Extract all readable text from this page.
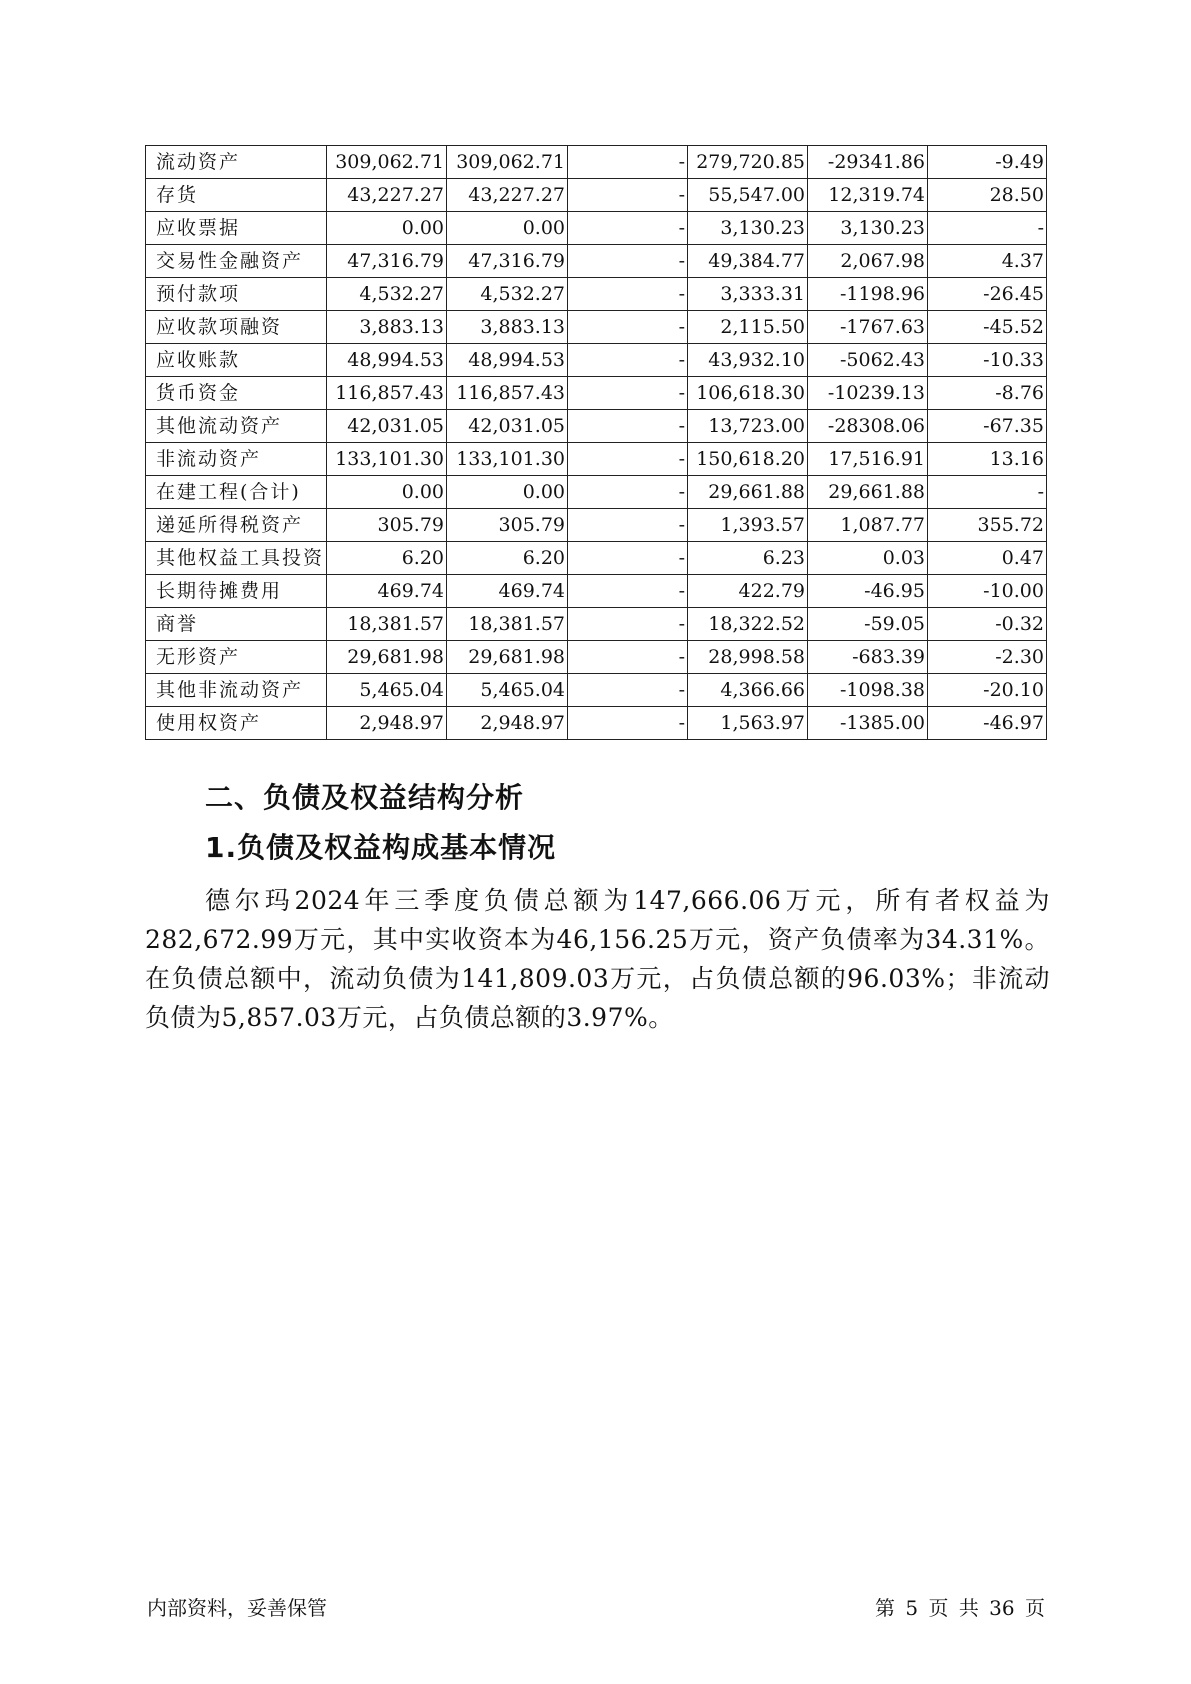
流动资产	309,062.71	309,062.71	-	279,720.85	-29341.86	-9.49
存货	43,227.27	43,227.27	-	55,547.00	12,319.74	28.50
应收票据	0.00	0.00	-	3,130.23	3,130.23	-
交易性金融资产	47,316.79	47,316.79	-	49,384.77	2,067.98	4.37
预付款项	4,532.27	4,532.27	-	3,333.31	-1198.96	-26.45
应收款项融资	3,883.13	3,883.13	-	2,115.50	-1767.63	-45.52
应收账款	48,994.53	48,994.53	-	43,932.10	-5062.43	-10.33
货币资金	116,857.43	116,857.43	-	106,618.30	-10239.13	-8.76
其他流动资产	42,031.05	42,031.05	-	13,723.00	-28308.06	-67.35
非流动资产	133,101.30	133,101.30	-	150,618.20	17,516.91	13.16
在建工程(合计)	0.00	0.00	-	29,661.88	29,661.88	-
递延所得税资产	305.79	305.79	-	1,393.57	1,087.77	355.72
其他权益工具投资	6.20	6.20	-	6.23	0.03	0.47
长期待摊费用	469.74	469.74	-	422.79	-46.95	-10.00
商誉	18,381.57	18,381.57	-	18,322.52	-59.05	-0.32
无形资产	29,681.98	29,681.98	-	28,998.58	-683.39	-2.30
其他非流动资产	5,465.04	5,465.04	-	4,366.66	-1098.38	-20.10
使用权资产	2,948.97	2,948.97	-	1,563.97	-1385.00	-46.97
二、负债及权益结构分析
1.负债及权益构成基本情况

德尔玛2024年三季度负债总额为147,666.06万元，所有者权益为282,672.99万元，其中实收资本为46,156.25万元，资产负债率为34.31%。在负债总额中，流动负债为141,809.03万元，占负债总额的96.03%；非流动负债为5,857.03万元，占负债总额的3.97%。

内部资料，妥善保管	第 5 页 共 36 页
